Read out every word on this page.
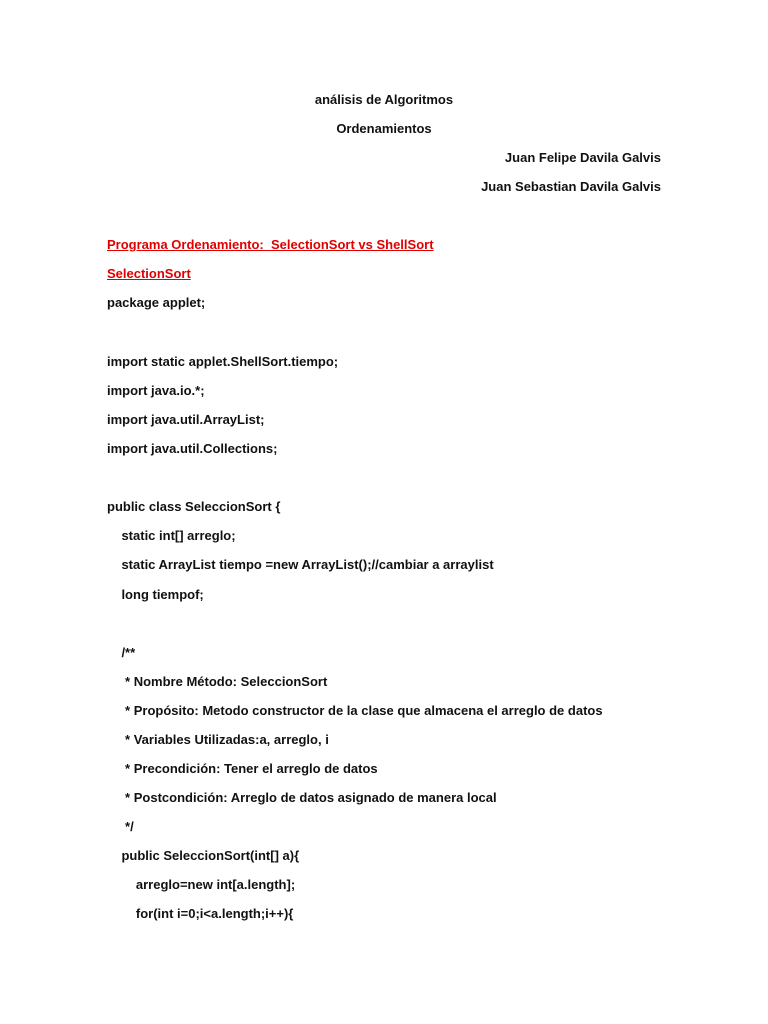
análisis de Algoritmos
Ordenamientos
Juan Felipe Davila Galvis
Juan Sebastian Davila Galvis
Programa Ordenamiento:  SelectionSort vs ShellSort
SelectionSort
package applet;
import static applet.ShellSort.tiempo;
import java.io.*;
import java.util.ArrayList;
import java.util.Collections;
public class SeleccionSort {
static int[] arreglo;
static ArrayList tiempo =new ArrayList();//cambiar a arraylist
long tiempof;
/**
* Nombre Método: SeleccionSort
* Propósito: Metodo constructor de la clase que almacena el arreglo de datos
* Variables Utilizadas:a, arreglo, i
* Precondición: Tener el arreglo de datos
* Postcondición: Arreglo de datos asignado de manera local
*/
public SeleccionSort(int[] a){
arreglo=new int[a.length];
for(int i=0;i<a.length;i++){
